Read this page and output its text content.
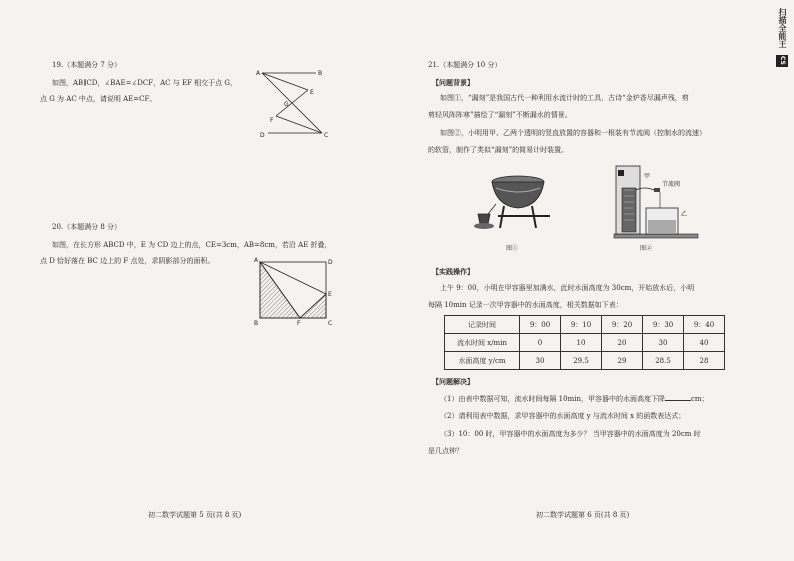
扫描全能王 CS
19.（本题满分 7 分）
如图，AB∥CD，∠BAE=∠DCF，AC 与 EF 相交于点 G，
点 G 为 AC 中点，请说明 AE=CF。
A	B
E
G
F
D	C
20.（本题满分 8 分）
如图，在长方形 ABCD 中，E 为 CD 边上的点，CE=3cm，AB=8cm，若沿 AE 折叠，
点 D 恰好落在 BC 边上的 F 点处，求阴影部分的面积。	A	D
E
B	F	C
初二数学试题第 5 页(共 8 页)
21.（本题满分 10 分）
【问题背景】
如图①，“漏刻”是我国古代一种利用水流计时的工具，古诗“金炉香尽漏声残，剪
剪轻风阵阵寒”描绘了“漏刻”不断漏水的情景。
如图②，小明用甲、乙两个透明的竖直放置的容器和一根装有节流阀（控制水的流速）
的软管，制作了类似“漏刻”的简易计时装置。
图①
甲
节流阀
乙
图②
【实践操作】
上午 9：00，小明在甲容器里加满水，此时水面高度为 30cm，开始放水后，小明
每隔 10min 记录一次甲容器中的水面高度，相关数据如下表：
记录时间	9：00	9：10	9：20	9：30	9：40
流水时间 x/min	0	10	20	30	40
水面高度 y/cm	30	29.5	29	28.5	28
【问题解决】
（1）由表中数据可知，流水时间每隔 10min，甲容器中的水面高度下降	cm；
（2）请利用表中数据，求甲容器中的水面高度 y 与流水时间 x 的函数表达式；
（3）10：00 时，甲容器中的水面高度为多少？ 当甲容器中的水面高度为 20cm 时
是几点钟？
初二数学试题第 6 页(共 8 页)
